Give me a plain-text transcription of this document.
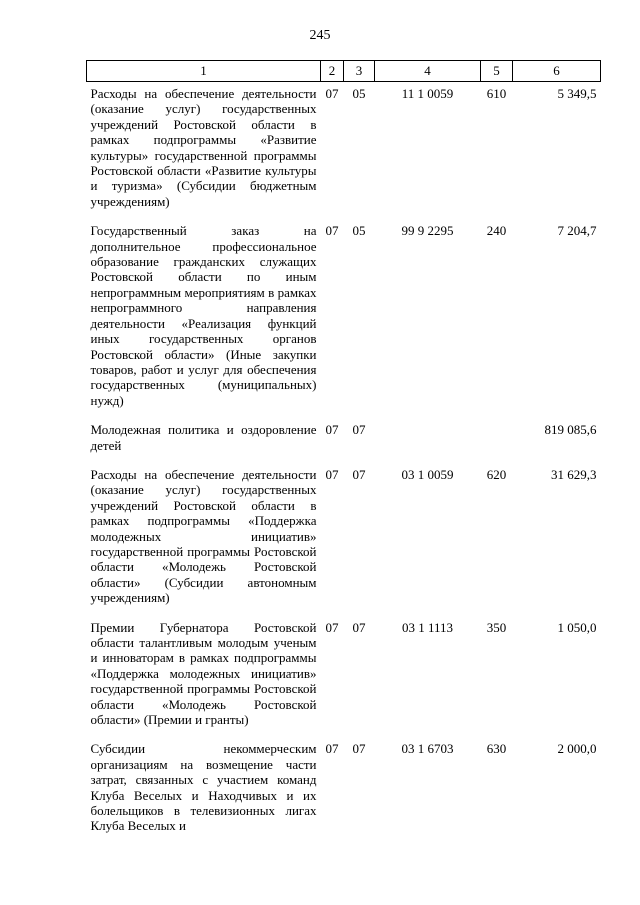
245
1	2	3	4	5	6
Расходы на обеспечение деятельности (оказание услуг) государственных учреждений Ростовской области в рамках подпрограммы «Развитие культуры» государственной программы Ростовской области «Развитие культуры и туризма» (Субсидии бюджетным учреждениям)	07	05	11 1 0059	610	5 349,5
Государственный заказ на дополнительное профессиональное образование гражданских служащих Ростовской области по иным непрограммным мероприятиям в рамках непрограммного направления деятельности «Реализация функций иных государственных органов Ростовской области» (Иные закупки товаров, работ и услуг для обеспечения государственных (муниципальных) нужд)	07	05	99 9 2295	240	7 204,7
Молодежная политика и оздоровление детей	07	07			819 085,6
Расходы на обеспечение деятельности (оказание услуг) государственных учреждений Ростовской области в рамках подпрограммы «Поддержка молодежных инициатив» государственной программы Ростовской области «Молодежь Ростовской области» (Субсидии автономным учреждениям)	07	07	03 1 0059	620	31 629,3
Премии Губернатора Ростовской области талантливым молодым ученым и инноваторам в рамках подпрограммы «Поддержка молодежных инициатив» государственной программы Ростовской области «Молодежь Ростовской области» (Премии и гранты)	07	07	03 1 1113	350	1 050,0
Субсидии некоммерческим организациям на возмещение части затрат, связанных с участием команд Клуба Веселых и Находчивых и их болельщиков в телевизионных лигах Клуба Веселых и	07	07	03 1 6703	630	2 000,0
